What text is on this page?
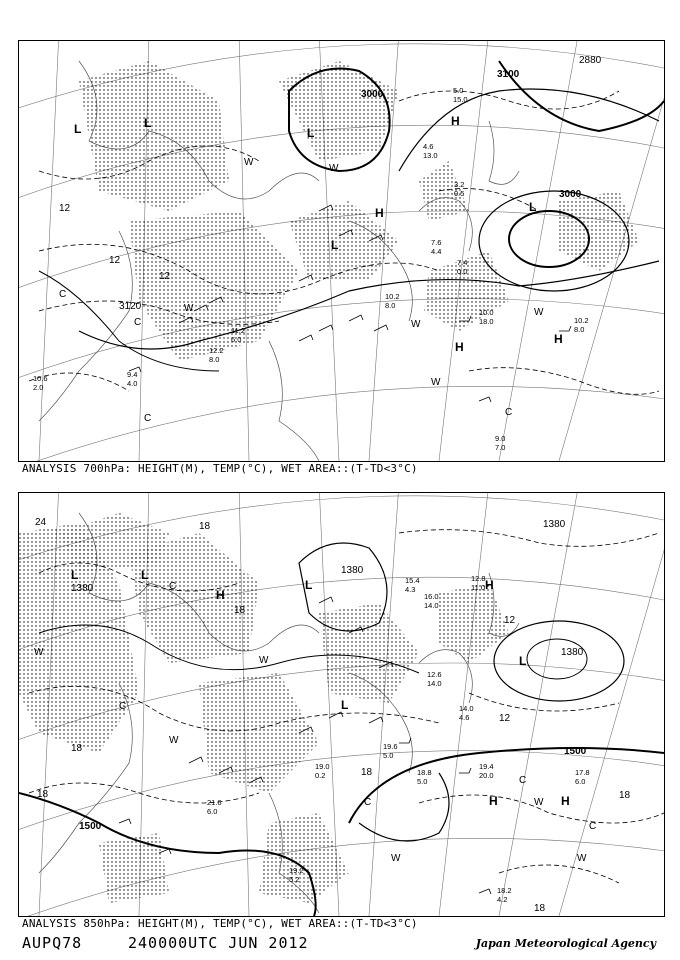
3000
3000
3100
2880
3120
12
12
12
L	L
L
L
L
H
H
H
H
W
W
W
W
W
W
C
C
C
C
10.0
18.0	10.2
8.0
10.2
8.0
9.0
7.0
12.2
8.0
11.2
6.0
9.4
4.0
10.6
2.0
7.6
4.4
7.4
0.0
4.6
13.0
5.0
15.0
3.2
0.5
ANALYSIS 700hPa: HEIGHT(M), TEMP(°C), WET AREA::(T-TD<3°C)
1380
1380
1380
1380
1500
1500
24	18
18
18
18
12
12
18
18
18
L	L
L
L
L
H
H
H	H
W
W
W
W
W
W
C
C
C
C
C
19.4
20.0	17.8
6.0
18.8
5.0
19.6
5.0
18.2
4.2
19.2
5.2
21.6
6.0
19.0
0.2
14.0
4.6
16.0
14.0
12.8
11.0
15.4
4.3
12.6
14.0
ANALYSIS 850hPa: HEIGHT(M), TEMP(°C), WET AREA::(T-TD<3°C)
AUPQ78	240000UTC JUN 2012	Japan Meteorological Agency
